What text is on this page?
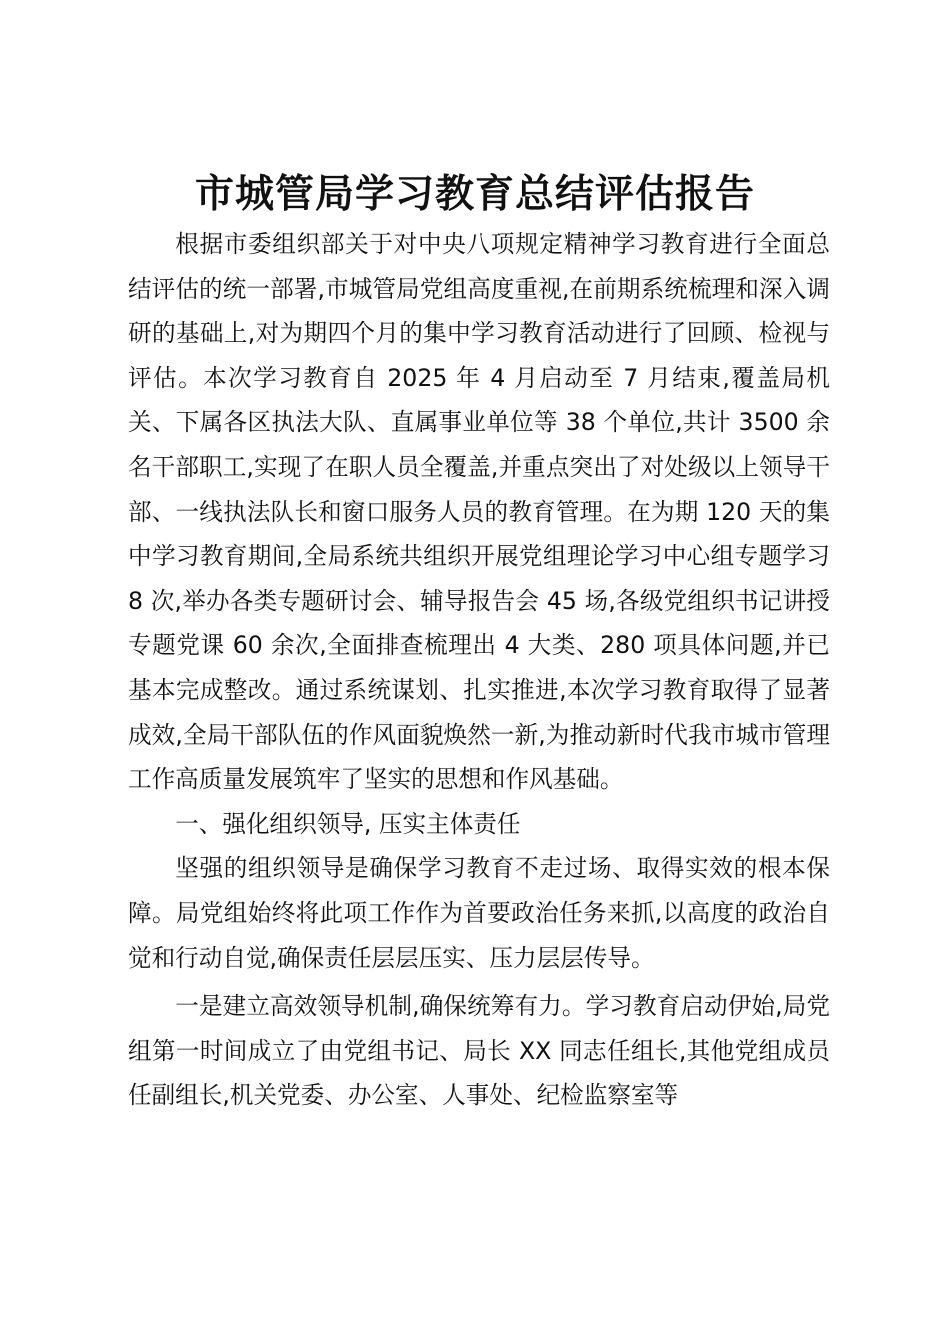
市城管局学习教育总结评估报告

根据市委组织部关于对中央八项规定精神学习教育进行全面总结评估的统一部署,市城管局党组高度重视,在前期系统梳理和深入调研的基础上,对为期四个月的集中学习教育活动进行了回顾、检视与评估。本次学习教育自 2025 年 4 月启动至 7 月结束,覆盖局机关、下属各区执法大队、直属事业单位等 38 个单位,共计 3500 余名干部职工,实现了在职人员全覆盖,并重点突出了对处级以上领导干部、一线执法队长和窗口服务人员的教育管理。在为期 120 天的集中学习教育期间,全局系统共组织开展党组理论学习中心组专题学习 8 次,举办各类专题研讨会、辅导报告会 45 场,各级党组织书记讲授专题党课 60 余次,全面排查梳理出 4 大类、280 项具体问题,并已基本完成整改。通过系统谋划、扎实推进,本次学习教育取得了显著成效,全局干部队伍的作风面貌焕然一新,为推动新时代我市城市管理工作高质量发展筑牢了坚实的思想和作风基础。

一、强化组织领导, 压实主体责任

坚强的组织领导是确保学习教育不走过场、取得实效的根本保障。局党组始终将此项工作作为首要政治任务来抓,以高度的政治自觉和行动自觉,确保责任层层压实、压力层层传导。

一是建立高效领导机制,确保统筹有力。学习教育启动伊始,局党组第一时间成立了由党组书记、局长 XX 同志任组长,其他党组成员任副组长,机关党委、办公室、人事处、纪检监察室等
